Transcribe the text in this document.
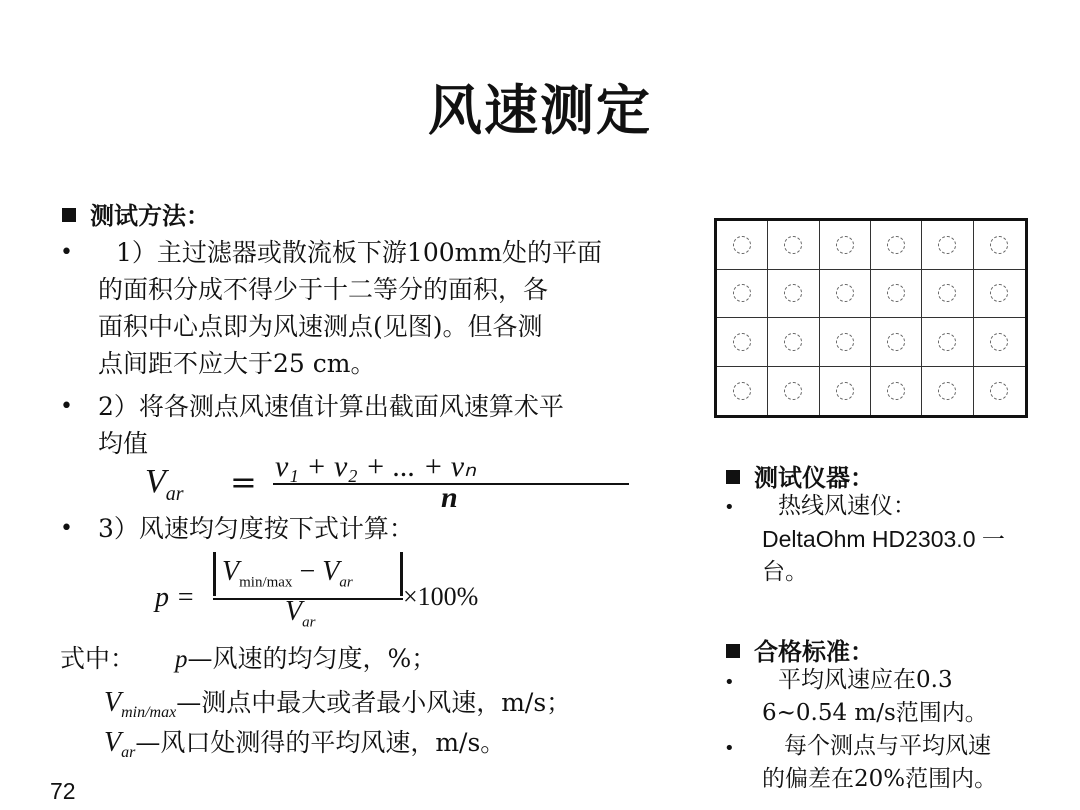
风速测定
测试方法：
•	1）主过滤器或散流板下游100mm处的平面
的面积分成不得少于十二等分的面积，各
面积中心点即为风速测点(见图)。但各测
点间距不应大于25 cm。
• 2）将各测点风速值计算出截面风速算术平
均值
$V_{ar} = v_1 + v_2$ + ... + vₙ
n
• 3）风速均匀度按下式计算：
p =
$V_{min/max} - V_{ar}$
$V_{ar}$
×100%
式中： p—风速的均匀度，%；
$V_{min/max}—$测点中最大或者最小风速，m/s；
$V_{ar}—$风口处测得的平均风速，m/s。
72
测试仪器：
•	热线风速仪：
DeltaOhm HD2303.0 一
台。
合格标准：
•	平均风速应在0.3
6~0.54 m/s范围内。
•	每个测点与平均风速
的偏差在20%范围内。
